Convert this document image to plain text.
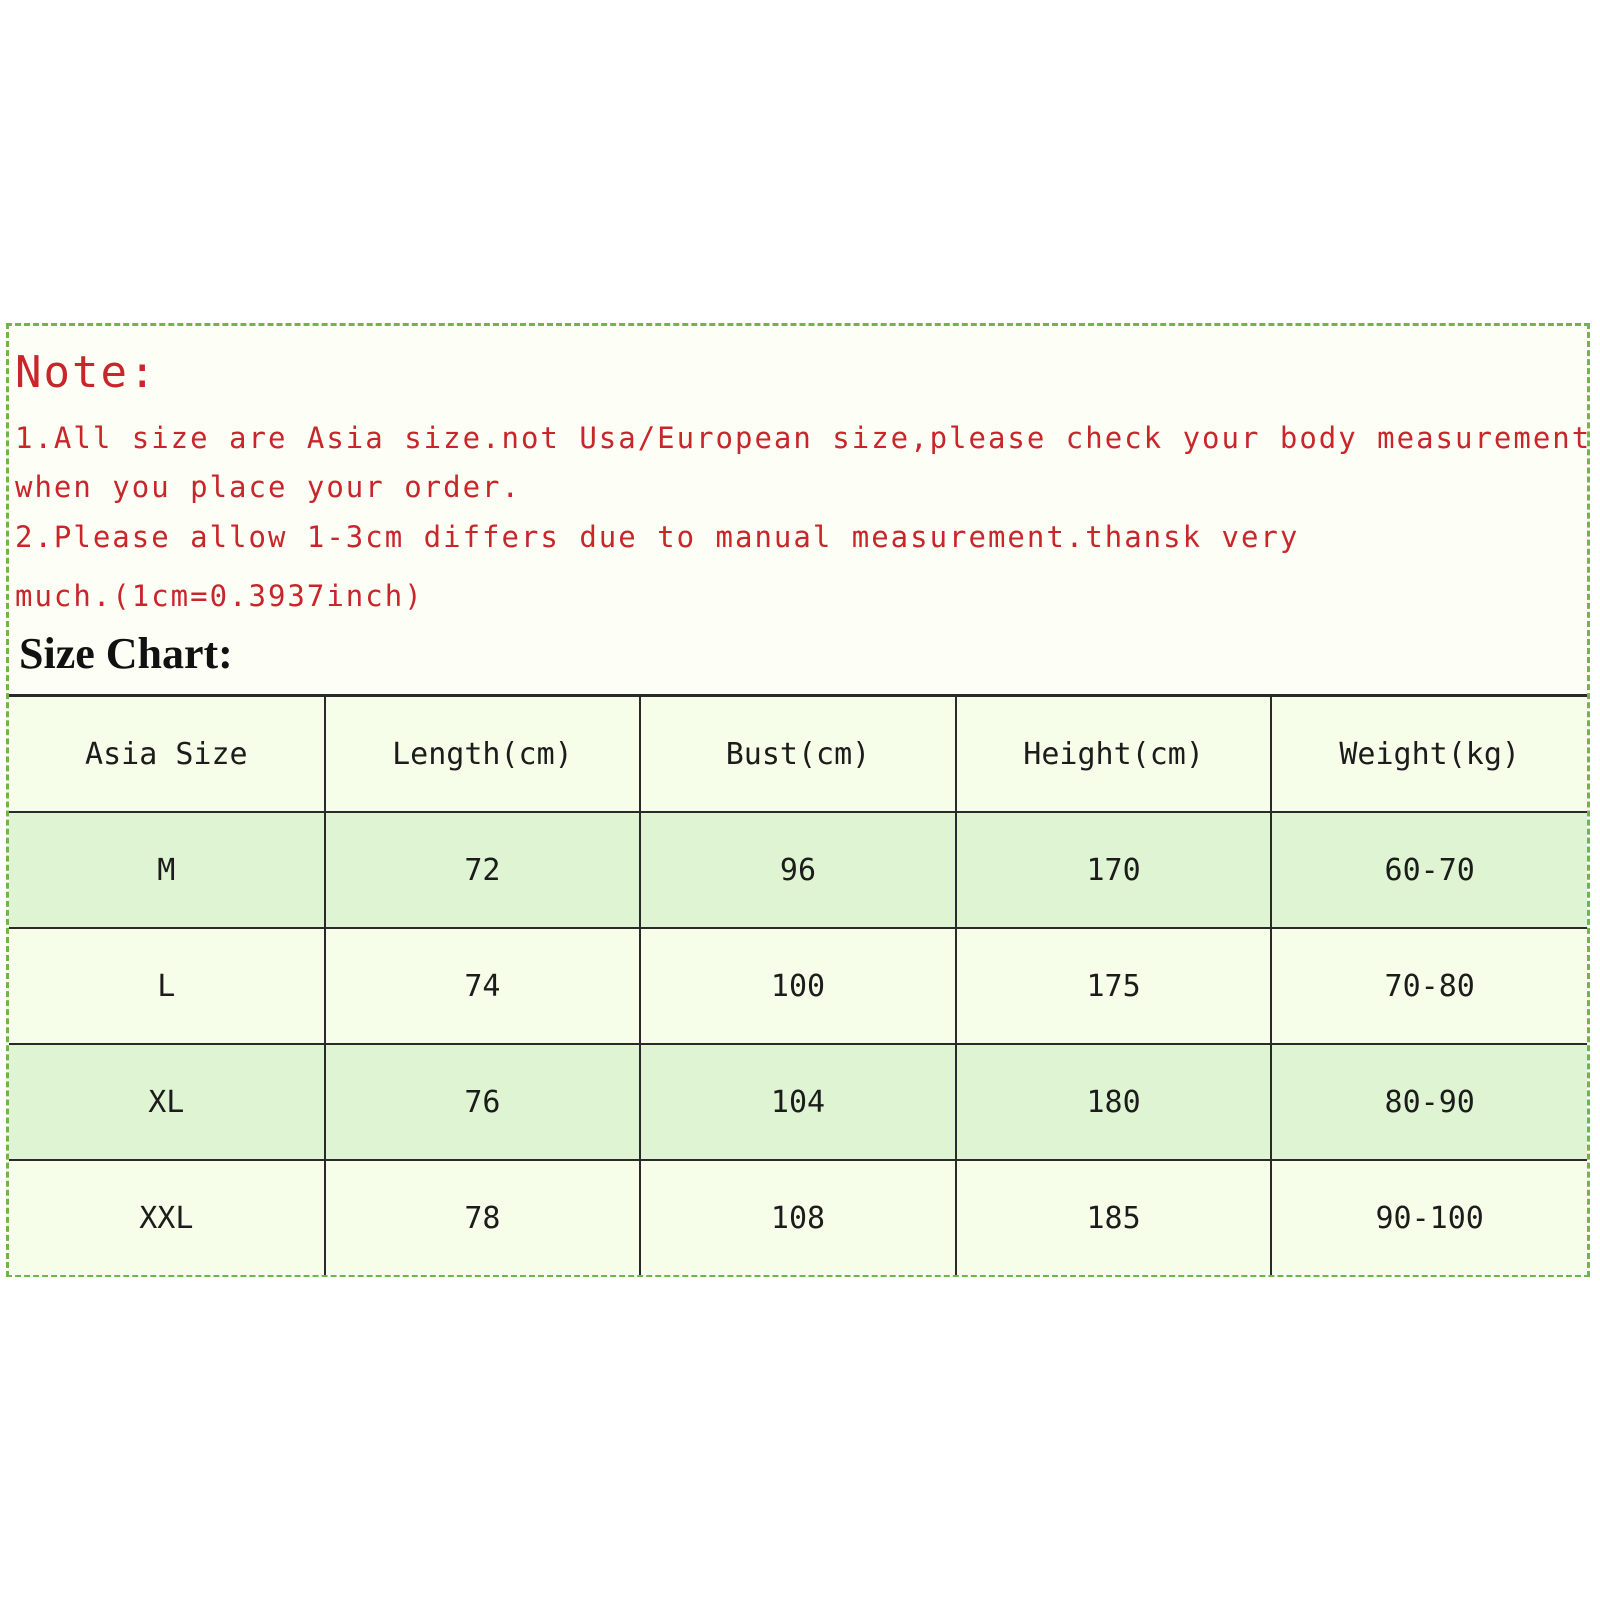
Note:
1.All size are Asia size.not Usa/European size,please check your body measurement
when you place your order.
2.Please allow 1-3cm differs due to manual measurement.thansk very
much.(1cm=0.3937inch)
Size Chart:
Asia Size	Length(cm)	Bust(cm)	Height(cm)	Weight(kg)
M	72	96	170	60-70
L	74	100	175	70-80
XL	76	104	180	80-90
XXL	78	108	185	90-100
